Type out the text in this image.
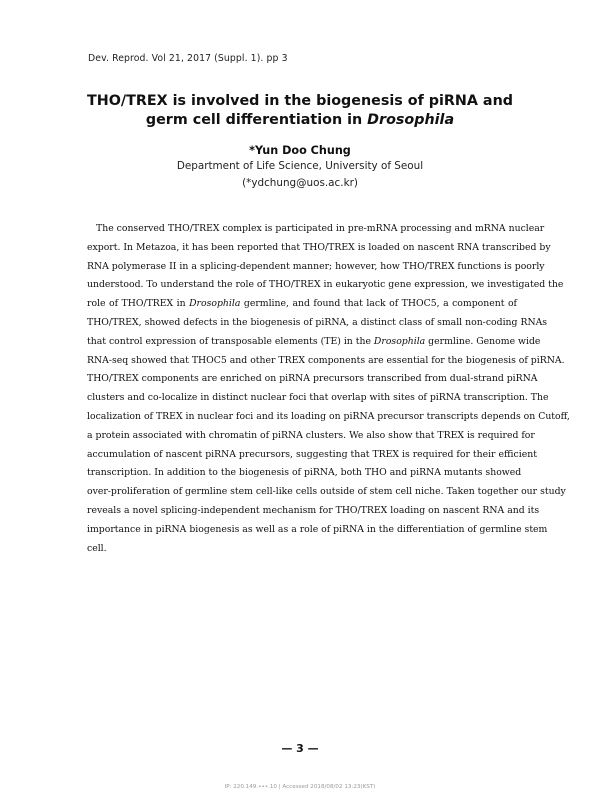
Dev. Reprod. Vol 21, 2017 (Suppl. 1). pp 3
THO/TREX is involved in the biogenesis of piRNA and
germ cell differentiation in Drosophila
*Yun Doo Chung
Department of Life Science, University of Seoul
(*ydchung@uos.ac.kr)
The conserved THO/TREX complex is participated in pre-mRNA processing and mRNA nuclear
export. In Metazoa, it has been reported that THO/TREX is loaded on nascent RNA transcribed by
RNA polymerase II in a splicing-dependent manner; however, how THO/TREX functions is poorly
understood. To understand the role of THO/TREX in eukaryotic gene expression, we investigated the
role of THO/TREX in Drosophila germline, and found that lack of THOC5, a component of
THO/TREX, showed defects in the biogenesis of piRNA, a distinct class of small non-coding RNAs
that control expression of transposable elements (TE) in the Drosophila germline. Genome wide
RNA-seq showed that THOC5 and other TREX components are essential for the biogenesis of piRNA.
THO/TREX components are enriched on piRNA precursors transcribed from dual-strand piRNA
clusters and co-localize in distinct nuclear foci that overlap with sites of piRNA transcription. The
localization of TREX in nuclear foci and its loading on piRNA precursor transcripts depends on Cutoff,
a protein associated with chromatin of piRNA clusters. We also show that TREX is required for
accumulation of nascent piRNA precursors, suggesting that TREX is required for their efficient
transcription. In addition to the biogenesis of piRNA, both THO and piRNA mutants showed
over-proliferation of germline stem cell-like cells outside of stem cell niche. Taken together our study
reveals a novel splicing-independent mechanism for THO/TREX loading on nascent RNA and its
importance in piRNA biogenesis as well as a role of piRNA in the differentiation of germline stem
cell.
— 3 —
IP: 220.149.•••.10 | Accessed 2018/08/02 13:23(KST)
